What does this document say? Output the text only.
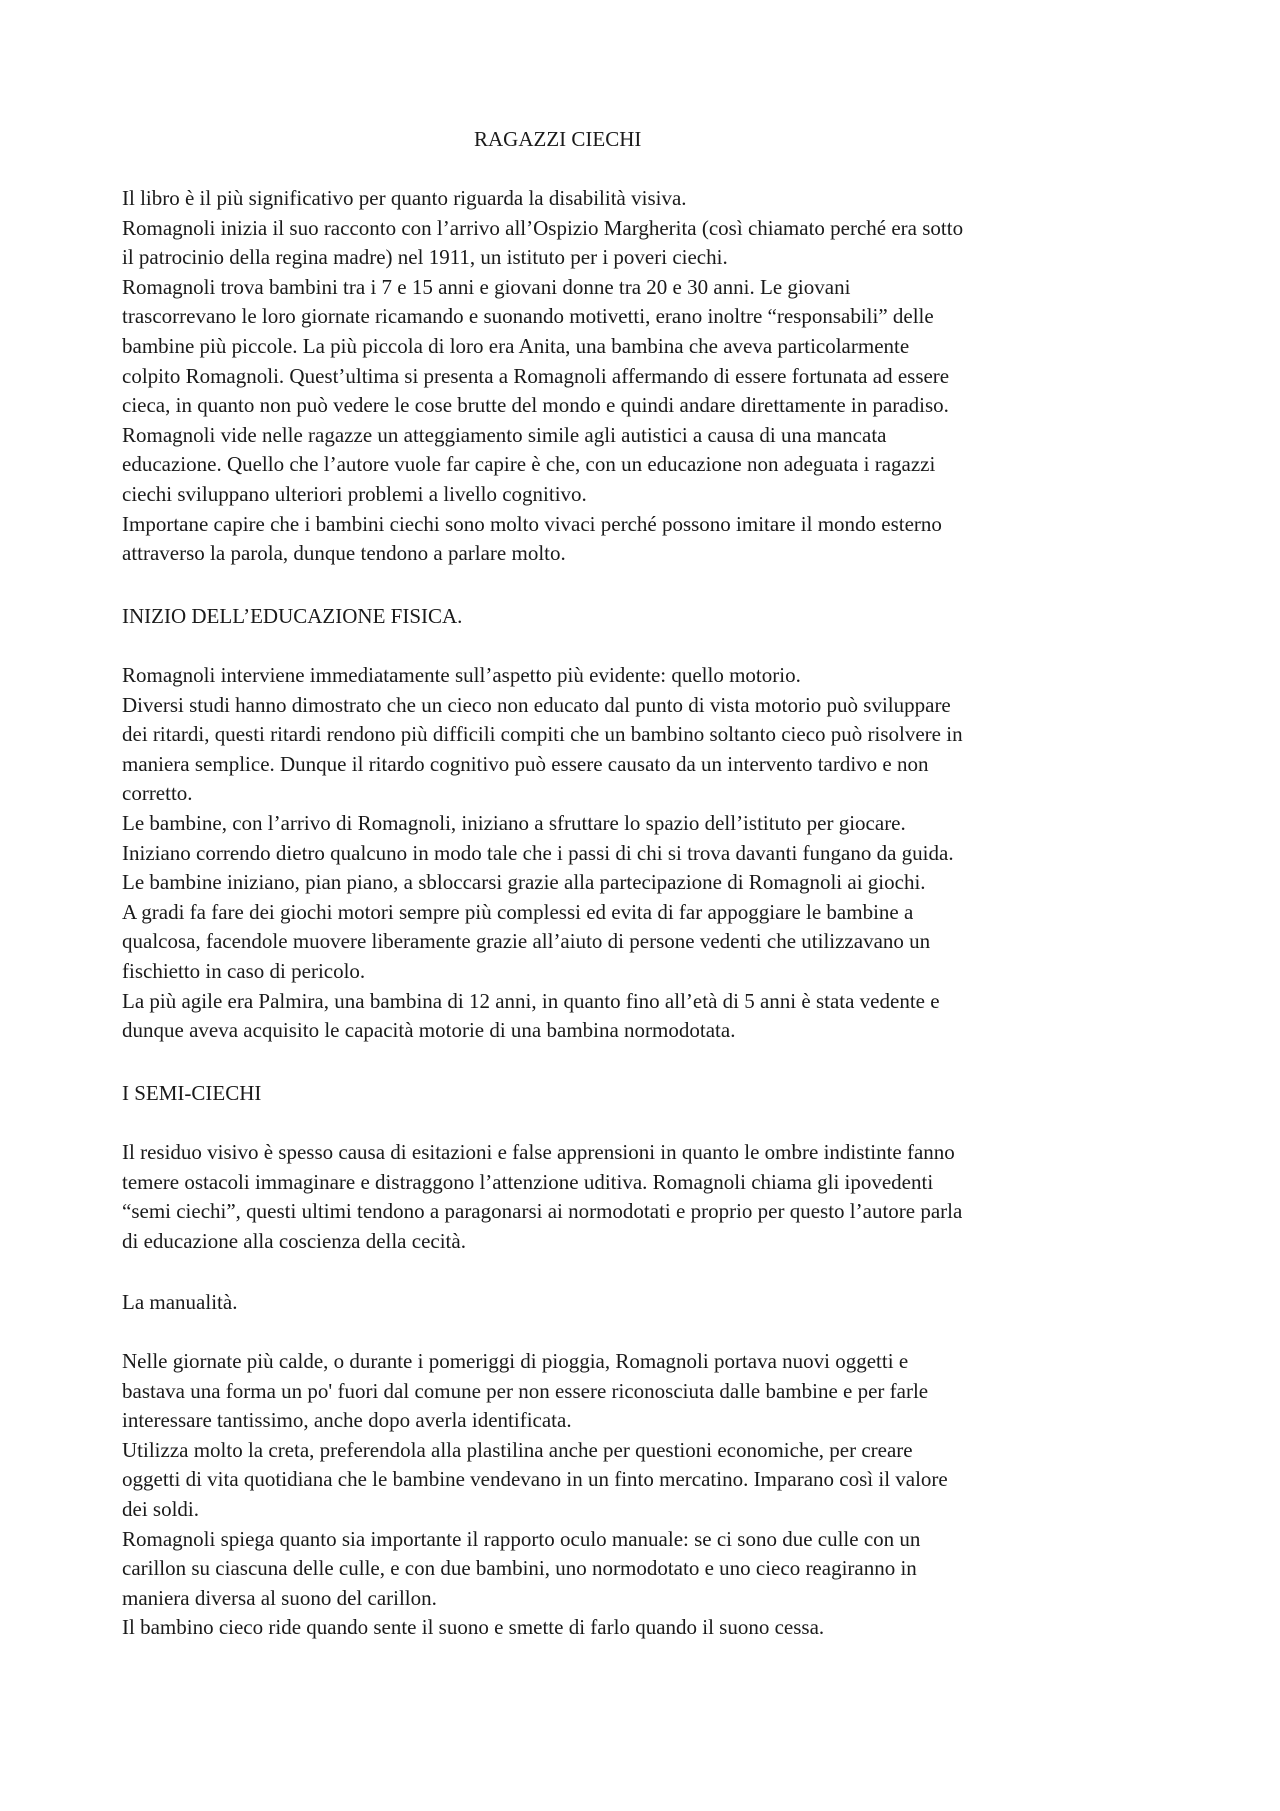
RAGAZZI CIECHI
Il libro è il più significativo per quanto riguarda la disabilità visiva.
Romagnoli inizia il suo racconto con l’arrivo all’Ospizio Margherita (così chiamato perché era sotto
il patrocinio della regina madre) nel 1911, un istituto per i poveri ciechi.
Romagnoli trova bambini tra i 7 e 15 anni e giovani donne tra 20 e 30 anni. Le giovani
trascorrevano le loro giornate ricamando e suonando motivetti, erano inoltre “responsabili” delle
bambine più piccole. La più piccola di loro era Anita, una bambina che aveva particolarmente
colpito Romagnoli. Quest’ultima si presenta a Romagnoli affermando di essere fortunata ad essere
cieca, in quanto non può vedere le cose brutte del mondo e quindi andare direttamente in paradiso.
Romagnoli vide nelle ragazze un atteggiamento simile agli autistici a causa di una mancata
educazione. Quello che l’autore vuole far capire è che, con un educazione non adeguata i ragazzi
ciechi sviluppano ulteriori problemi a livello cognitivo.
Importane capire che i bambini ciechi sono molto vivaci perché possono imitare il mondo esterno
attraverso la parola, dunque tendono a parlare molto.
INIZIO DELL’EDUCAZIONE FISICA.
Romagnoli interviene immediatamente sull’aspetto più evidente: quello motorio.
Diversi studi hanno dimostrato che un cieco non educato dal punto di vista motorio può sviluppare
dei ritardi, questi ritardi rendono più difficili compiti che un bambino soltanto cieco può risolvere in
maniera semplice. Dunque il ritardo cognitivo può essere causato da un intervento tardivo e non
corretto.
Le bambine, con l’arrivo di Romagnoli, iniziano a sfruttare lo spazio dell’istituto per giocare.
Iniziano correndo dietro qualcuno in modo tale che i passi di chi si trova davanti fungano da guida.
Le bambine iniziano, pian piano, a sbloccarsi grazie alla partecipazione di Romagnoli ai giochi.
A gradi fa fare dei giochi motori sempre più complessi ed evita di far appoggiare le bambine a
qualcosa, facendole muovere liberamente grazie all’aiuto di persone vedenti che utilizzavano un
fischietto in caso di pericolo.
La più agile era Palmira, una bambina di 12 anni, in quanto fino all’età di 5 anni è stata vedente e
dunque aveva acquisito le capacità motorie di una bambina normodotata.
I SEMI-CIECHI
Il residuo visivo è spesso causa di esitazioni e false apprensioni in quanto le ombre indistinte fanno
temere ostacoli immaginare e distraggono l’attenzione uditiva. Romagnoli chiama gli ipovedenti
“semi ciechi”, questi ultimi tendono a paragonarsi ai normodotati e proprio per questo l’autore parla
di educazione alla coscienza della cecità.
La manualità.
Nelle giornate più calde, o durante i pomeriggi di pioggia, Romagnoli portava nuovi oggetti e
bastava una forma un po' fuori dal comune per non essere riconosciuta dalle bambine e per farle
interessare tantissimo, anche dopo averla identificata.
Utilizza molto la creta, preferendola alla plastilina anche per questioni economiche, per creare
oggetti di vita quotidiana che le bambine vendevano in un finto mercatino. Imparano così il valore
dei soldi.
Romagnoli spiega quanto sia importante il rapporto oculo manuale: se ci sono due culle con un
carillon su ciascuna delle culle, e con due bambini, uno normodotato e uno cieco reagiranno in
maniera diversa al suono del carillon.
Il bambino cieco ride quando sente il suono e smette di farlo quando il suono cessa.
